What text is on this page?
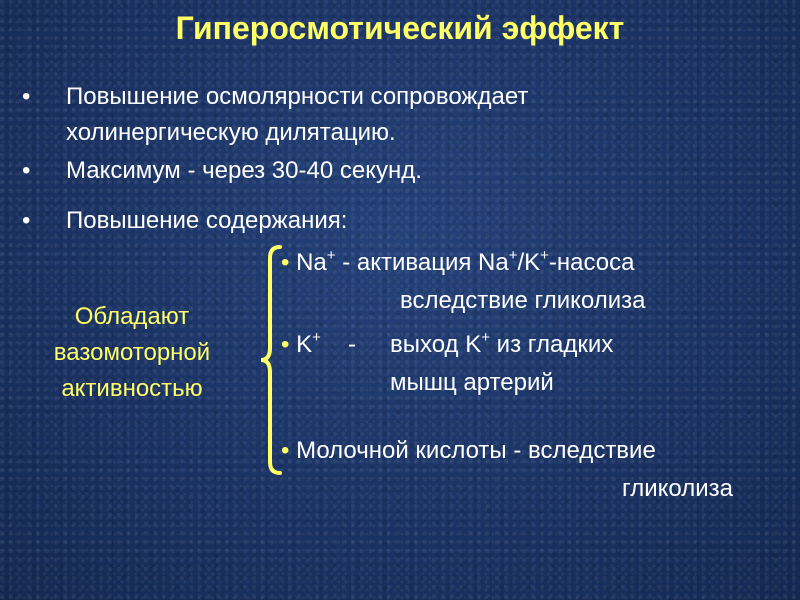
Гиперосмотический эффект
• Повышение осмолярности сопровождает
холинергическую дилятацию.
• Максимум - через 30-40 секунд.
• Повышение содержания:
Обладают
вазомоторной
активностью
• Na+ - активация Na+/K+-насоса
вследствие гликолиза
• K+ - выход K+ из гладких
мышц артерий
• Молочной кислоты - вследствие
гликолиза
